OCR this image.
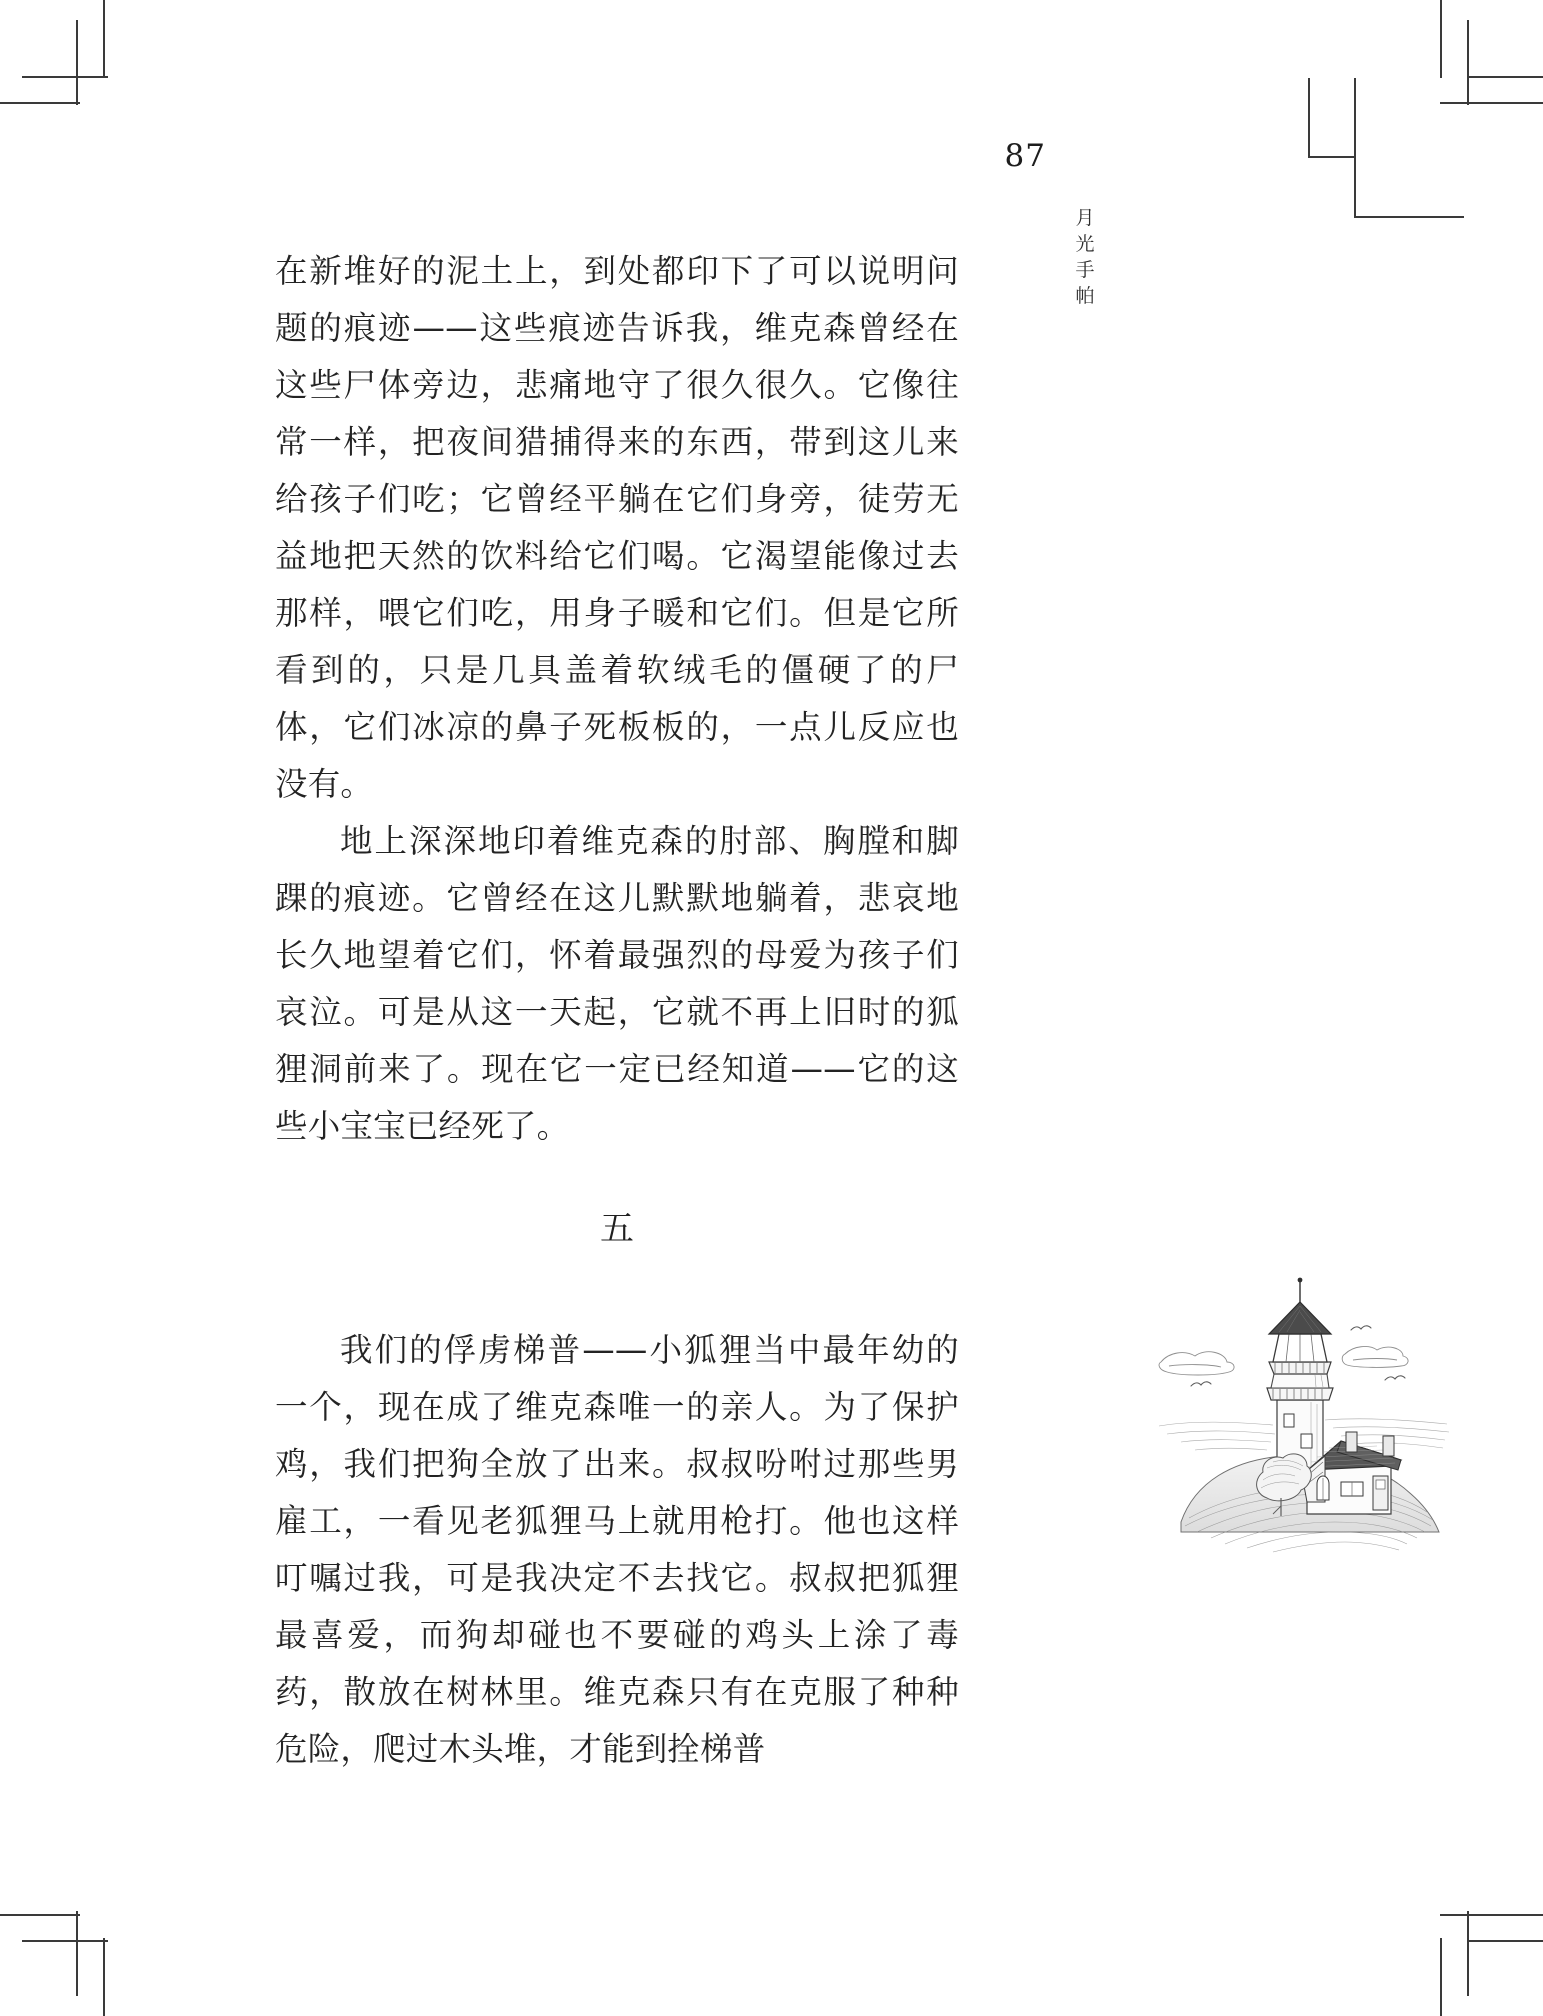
87
月
光
手
帕

在新堆好的泥土上，到处都印下了可以说明问题的痕迹——这些痕迹告诉我，维克森曾经在这些尸体旁边，悲痛地守了很久很久。它像往常一样，把夜间猎捕得来的东西，带到这儿来给孩子们吃；它曾经平躺在它们身旁，徒劳无益地把天然的饮料给它们喝。它渴望能像过去那样，喂它们吃，用身子暖和它们。但是它所看到的，只是几具盖着软绒毛的僵硬了的尸体，它们冰凉的鼻子死板板的，一点儿反应也没有。

地上深深地印着维克森的肘部、胸膛和脚踝的痕迹。它曾经在这儿默默地躺着，悲哀地长久地望着它们，怀着最强烈的母爱为孩子们哀泣。可是从这一天起，它就不再上旧时的狐狸洞前来了。现在它一定已经知道——它的这些小宝宝已经死了。

五

我们的俘虏梯普——小狐狸当中最年幼的一个，现在成了维克森唯一的亲人。为了保护鸡，我们把狗全放了出来。叔叔吩咐过那些男雇工，一看见老狐狸马上就用枪打。他也这样叮嘱过我，可是我决定不去找它。叔叔把狐狸最喜爱，而狗却碰也不要碰的鸡头上涂了毒药，散放在树林里。维克森只有在克服了种种危险，爬过木头堆，才能到拴梯普
